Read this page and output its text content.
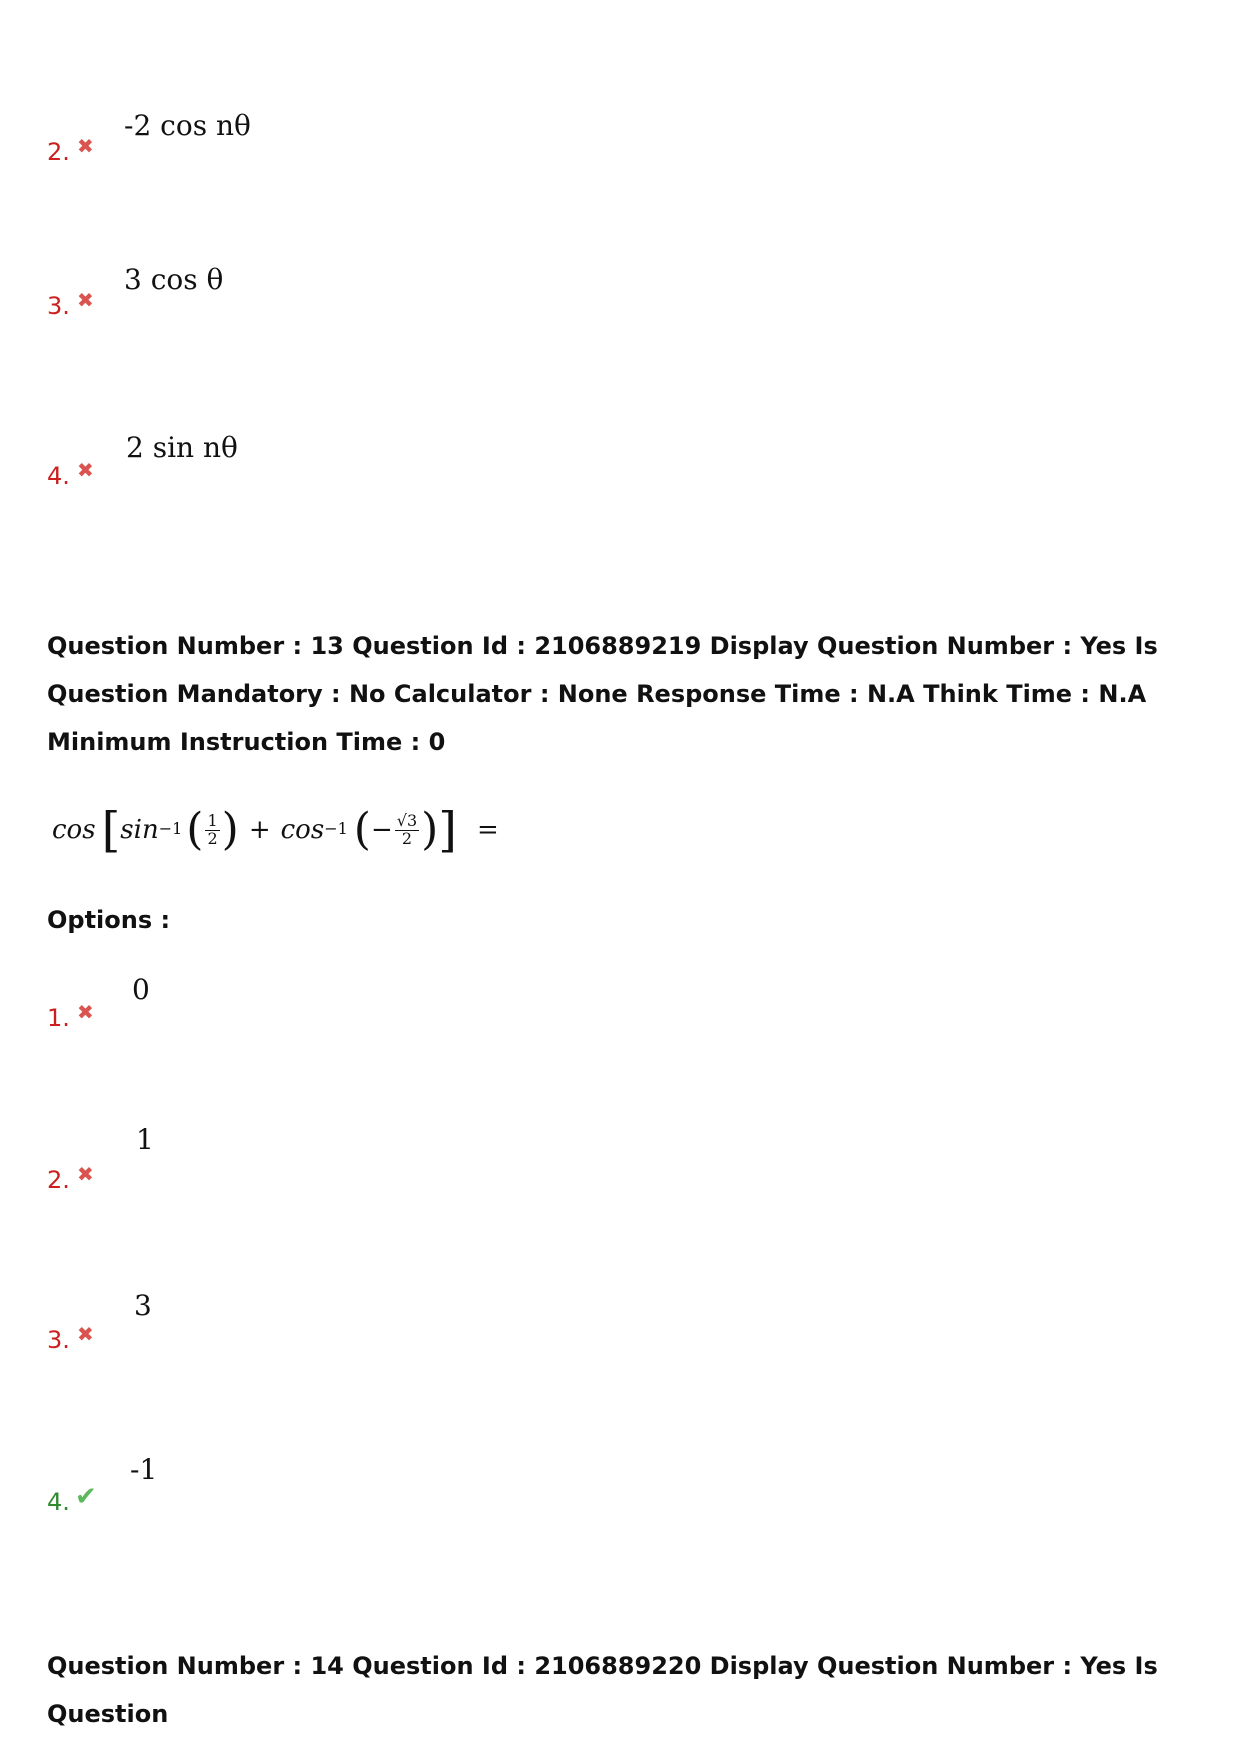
2. ✖
-2 cos nθ
3. ✖
3 cos θ
4. ✖
2 sin nθ
Question Number : 13 Question Id : 2106889219 Display Question Number : Yes Is Question Mandatory : No Calculator : None Response Time : N.A Think Time : N.A Minimum Instruction Time : 0
cos [ $\sin^{-1}$ ( $\frac{1}{2}$ ) + $\cos^{-1}$ ( − $\frac{√3}{2}$ ) ] =
Options :
1. ✖
0
2. ✖
1
3. ✖
3
4. ✔
-1
Question Number : 14 Question Id : 2106889220 Display Question Number : Yes Is Question
